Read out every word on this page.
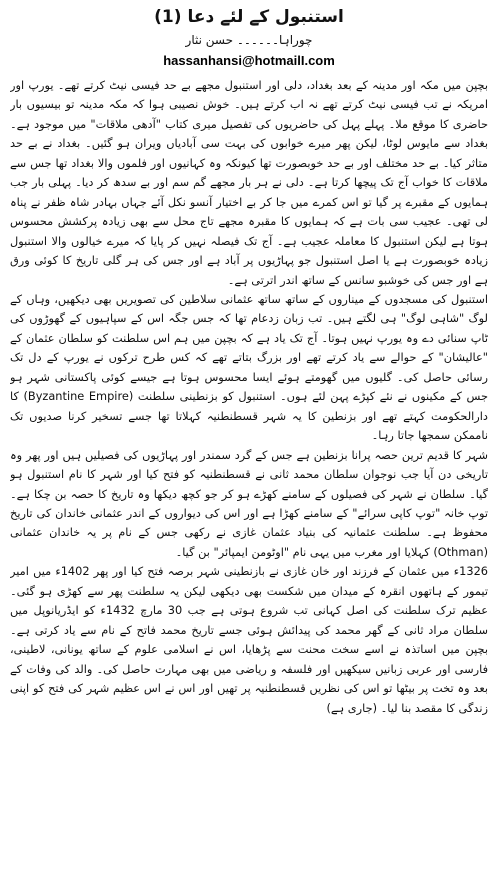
استنبول کے لئے دعا (1)
چوراہا۔۔۔۔۔۔ حسن نثار
hassanhansi@hotmailI.com

بچپن میں مکہ اور مدینہ کے بعد بغداد، دلی اور استنبول مجھے بے حد فیسی نیٹ کرتے تھے۔ یورپ اور امریکہ نے تب فیسی نیٹ کرتے تھے نہ اب کرتے ہیں۔ خوش نصیبی ہوا کہ مکہ مدینہ تو بیسیوں بار حاضری کا موقع ملا۔ پہلے پہل کی حاضریوں کی تفصیل میری کتاب "آدھی ملاقات" میں موجود ہے۔ بغداد سے مایوس لوٹا، لیکن پھر میرے خوابوں کی بہت سی آبادیاں ویران ہو گئیں۔ بغداد نے بے حد متاثر کیا۔ بے حد مختلف اور بے حد خوبصورت تھا کیونکہ وہ کہانیوں اور فلموں والا بغداد تھا جس سے ملاقات کا خواب آج تک پیچھا کرتا ہے۔ دلی نے ہر بار مجھے گم سم اور بے سدھ کر دیا۔ پہلی بار جب ہمایوں کے مقبرے پر گیا تو اس کمرے میں جا کر بے اختیار آنسو نکل آئے جہاں بہادر شاہ ظفر نے پناہ لی تھی۔ عجیب سی بات ہے کہ ہمایوں کا مقبرہ مجھے تاج محل سے بھی زیادہ پرکشش محسوس ہوتا ہے لیکن استنبول کا معاملہ عجیب ہے۔ آج تک فیصلہ نہیں کر پایا کہ میرے خیالوں والا استنبول زیادہ خوبصورت ہے یا اصل استنبول جو پہاڑیوں پر آباد ہے اور جس کی ہر گلی تاریخ کا کوئی ورق ہے اور جس کی خوشبو سانس کے ساتھ اندر اترتی ہے۔

استنبول کی مسجدوں کے میناروں کے ساتھ ساتھ عثمانی سلاطین کی تصویریں بھی دیکھیں، وہاں کے لوگ "شاہی لوگ" ہی لگتے ہیں۔ تب زبان زدعام تھا کہ جس جگہ اس کے سپاہیوں کے گھوڑوں کی ٹاپ سنائی دے وہ یورپ نہیں ہوتا۔ آج تک یاد ہے کہ بچپن میں ہم اس سلطنت کو سلطان عثمان کے "عالیشان" کے حوالے سے یاد کرتے تھے اور بزرگ بتاتے تھے کہ کس طرح ترکوں نے یورپ کے دل تک رسائی حاصل کی۔ گلیوں میں گھومتے ہوئے ایسا محسوس ہوتا ہے جیسے کوئی پاکستانی شہر ہو جس کے مکینوں نے نئے کپڑے پہن لئے ہوں۔ استنبول کو بزنطینی سلطنت (Byzantine Empire) کا دارالحکومت کہتے تھے اور بزنطین کا یہ شہر قسطنطنیہ کہلاتا تھا جسے تسخیر کرنا صدیوں تک ناممکن سمجھا جاتا رہا۔

شہر کا قدیم ترین حصہ پرانا بزنطین ہے جس کے گرد سمندر اور پہاڑیوں کی فصیلیں ہیں اور پھر وہ تاریخی دن آیا جب نوجوان سلطان محمد ثانی نے قسطنطنیہ کو فتح کیا اور شہر کا نام استنبول ہو گیا۔ سلطان نے شہر کی فصیلوں کے سامنے کھڑے ہو کر جو کچھ دیکھا وہ تاریخ کا حصہ بن چکا ہے۔ توپ خانہ "توپ کاپی سرائے" کے سامنے کھڑا ہے اور اس کی دیواروں کے اندر عثمانی خاندان کی تاریخ محفوظ ہے۔ سلطنت عثمانیہ کی بنیاد عثمان غازی نے رکھی جس کے نام پر یہ خاندان عثمانی (Othman) کہلایا اور مغرب میں یہی نام "اوٹومن ایمپائر" بن گیا۔

1326ء میں عثمان کے فرزند اور خان غازی نے بازنطینی شہر برصہ فتح کیا اور پھر 1402ء میں امیر تیمور کے ہاتھوں انقرہ کے میدان میں شکست بھی دیکھی لیکن یہ سلطنت پھر سے کھڑی ہو گئی۔ عظیم ترک سلطنت کی اصل کہانی تب شروع ہوتی ہے جب 30 مارچ 1432ء کو ایڈریانوپل میں سلطان مراد ثانی کے گھر محمد کی پیدائش ہوئی جسے تاریخ محمد فاتح کے نام سے یاد کرتی ہے۔ بچپن میں اساتذہ نے اسے سخت محنت سے پڑھایا، اس نے اسلامی علوم کے ساتھ یونانی، لاطینی، فارسی اور عربی زبانیں سیکھیں اور فلسفہ و ریاضی میں بھی مہارت حاصل کی۔ والد کی وفات کے بعد وہ تخت پر بیٹھا تو اس کی نظریں قسطنطنیہ پر تھیں اور اس نے اس عظیم شہر کی فتح کو اپنی زندگی کا مقصد بنا لیا۔ (جاری ہے)
